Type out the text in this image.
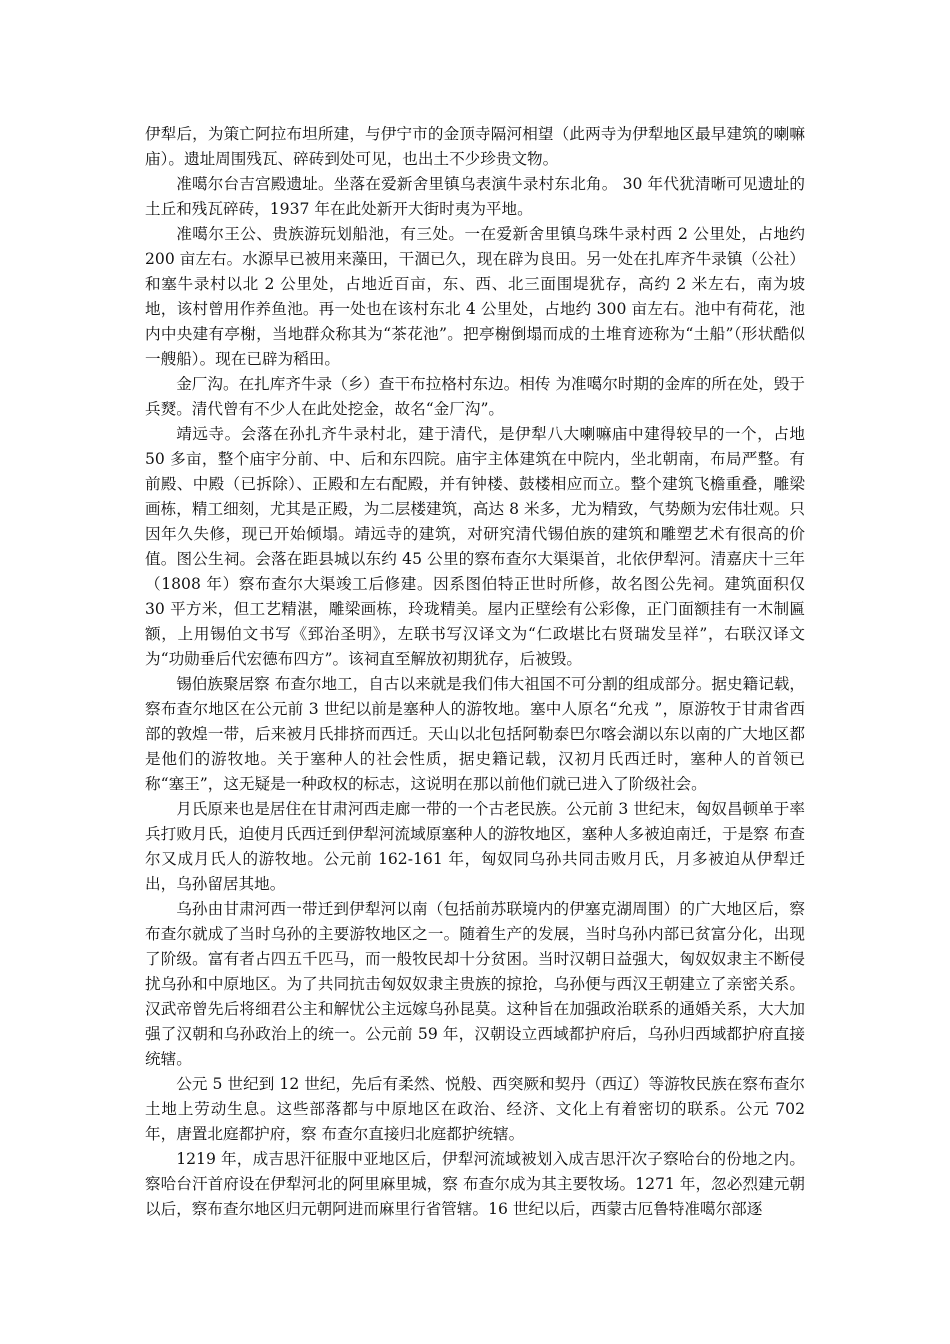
伊犁后，为策亡阿拉布坦所建，与伊宁市的金顶寺隔河相望（此两寺为伊犁地区最早建筑的喇嘛庙）。遗址周围残瓦、碎砖到处可见，也出土不少珍贵文物。

准噶尔台吉宫殿遗址。坐落在爱新舍里镇乌表演牛录村东北角。 30 年代犹清晰可见遗址的土丘和残瓦碎砖，1937 年在此处新开大街时夷为平地。

准噶尔王公、贵族游玩划船池，有三处。一在爱新舍里镇乌珠牛录村西 2 公里处，占地约200 亩左右。水源早已被用来藻田，干涸已久，现在辟为良田。另一处在扎库齐牛录镇（公社）和塞牛录村以北 2 公里处，占地近百亩，东、西、北三面围堤犹存，高约 2 米左右，南为坡地，该村曾用作养鱼池。再一处也在该村东北 4 公里处，占地约 300 亩左右。池中有荷花，池内中央建有亭榭，当地群众称其为“茶花池”。把亭榭倒塌而成的土堆育迹称为“土船”（形状酷似一艘船）。现在已辟为稻田。

金厂沟。在扎库齐牛录（乡）查干布拉格村东边。相传 为准噶尔时期的金库的所在处，毁于兵燹。清代曾有不少人在此处挖金，故名“金厂沟”。

靖远寺。会落在孙扎齐牛录村北，建于清代，是伊犁八大喇嘛庙中建得较早的一个，占地 50 多亩，整个庙宇分前、中、后和东四院。庙宇主体建筑在中院内，坐北朝南，布局严整。有前殿、中殿（已拆除）、正殿和左右配殿，并有钟楼、鼓楼相应而立。整个建筑飞檐重叠，雕梁画栋，精工细刻，尤其是正殿，为二层楼建筑，高达 8 米多，尤为精致，气势颇为宏伟壮观。只因年久失修，现已开始倾塌。靖远寺的建筑，对研究清代锡伯族的建筑和雕塑艺术有很高的价值。图公生祠。会落在距县城以东约 45 公里的察布查尔大渠渠首，北依伊犁河。清嘉庆十三年（1808 年）察布查尔大渠竣工后修建。因系图伯特正世时所修，故名图公先祠。建筑面积仅 30 平方米，但工艺精湛，雕梁画栋，玲珑精美。屋内正壁绘有公彩像，正门面额挂有一木制匾额，上用锡伯文书写《郅治圣明》，左联书写汉译文为“仁政堪比右贤瑞发呈祥”，右联汉译文为“功勋垂后代宏德布四方”。该祠直至解放初期犹存，后被毁。

锡伯族聚居察 布查尔地工，自古以来就是我们伟大祖国不可分割的组成部分。据史籍记载，察布查尔地区在公元前 3 世纪以前是塞种人的游牧地。塞中人原名“允戎 ”，原游牧于甘肃省西部的敦煌一带，后来被月氏排挤而西迁。天山以北包括阿勒泰巴尔喀会湖以东以南的广大地区都是他们的游牧地。关于塞种人的社会性质，据史籍记载，汉初月氏西迁时，塞种人的首领已称“塞王”，这无疑是一种政权的标志，这说明在那以前他们就已进入了阶级社会。

月氏原来也是居住在甘肃河西走廊一带的一个古老民族。公元前 3 世纪末，匈奴昌顿单于率兵打败月氏，迫使月氏西迁到伊犁河流域原塞种人的游牧地区，塞种人多被迫南迁，于是察 布查尔又成月氏人的游牧地。公元前 162-161 年，匈奴同乌孙共同击败月氏，月多被迫从伊犁迁出，乌孙留居其地。

乌孙由甘肃河西一带迁到伊犁河以南（包括前苏联境内的伊塞克湖周围）的广大地区后，察布查尔就成了当时乌孙的主要游牧地区之一。随着生产的发展，当时乌孙内部已贫富分化，出现了阶级。富有者占四五千匹马，而一般牧民却十分贫困。当时汉朝日益强大，匈奴奴隶主不断侵扰乌孙和中原地区。为了共同抗击匈奴奴隶主贵族的掠抢，乌孙便与西汉王朝建立了亲密关系。汉武帝曾先后将细君公主和解忧公主远嫁乌孙昆莫。这种旨在加强政治联系的通婚关系，大大加强了汉朝和乌孙政治上的统一。公元前 59 年，汉朝设立西域都护府后，乌孙归西域都护府直接统辖。

公元 5 世纪到 12 世纪，先后有柔然、悦般、西突厥和契丹（西辽）等游牧民族在察布查尔土地上劳动生息。这些部落都与中原地区在政治、经济、文化上有着密切的联系。公元 702 年，唐置北庭都护府，察 布查尔直接归北庭都护统辖。

1219 年，成吉思汗征服中亚地区后，伊犁河流域被划入成吉思汗次子察哈台的份地之内。察哈台汗首府设在伊犁河北的阿里麻里城，察 布查尔成为其主要牧场。1271 年，忽必烈建元朝以后，察布查尔地区归元朝阿进而麻里行省管辖。16 世纪以后，西蒙古厄鲁特准噶尔部逐
